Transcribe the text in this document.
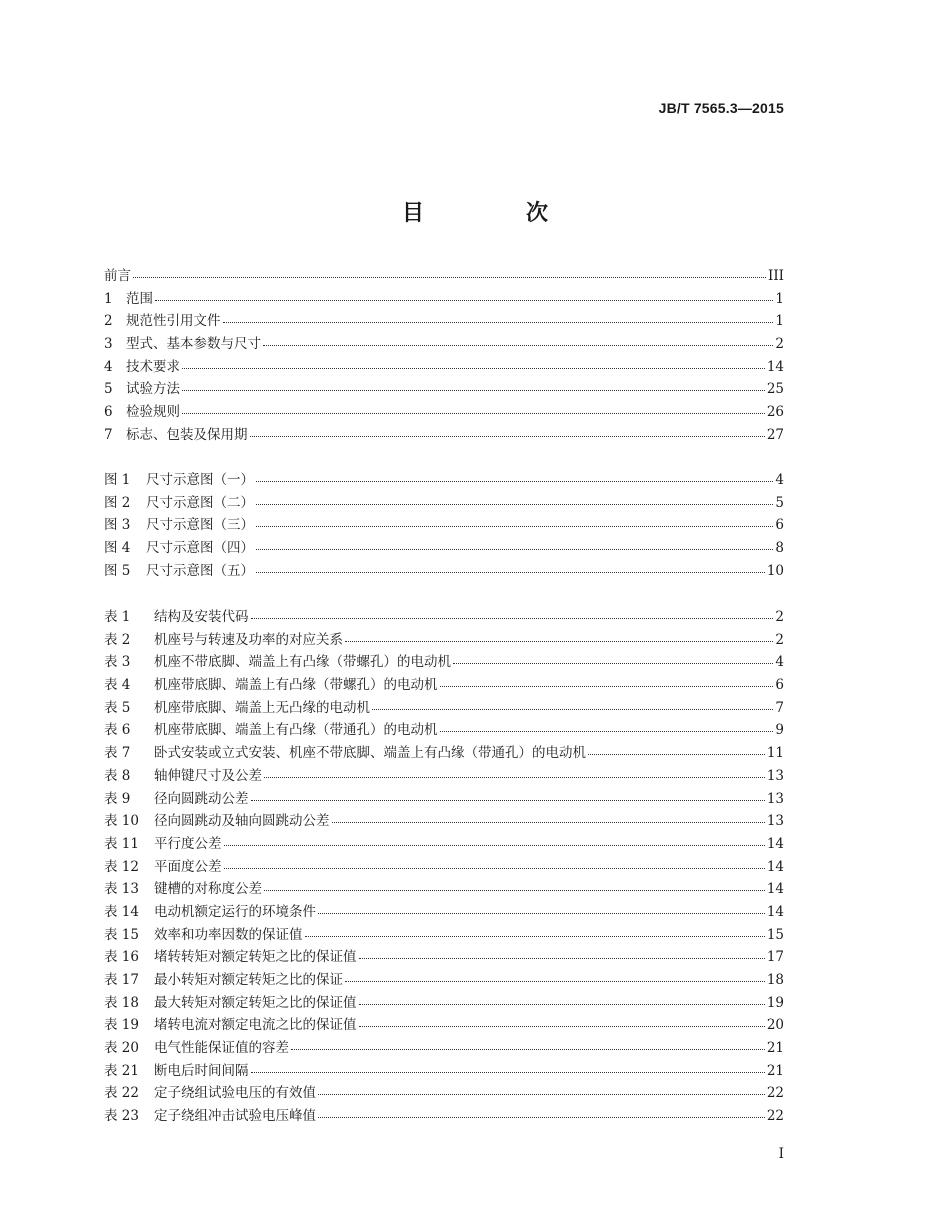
JB/T 7565.3—2015
目　次
前言	III
1 范围	1
2 规范性引用文件	1
3 型式、基本参数与尺寸	2
4 技术要求	14
5 试验方法	25
6 检验规则	26
7 标志、包装及保用期	27
图 1	尺寸示意图（一）	4
图 2	尺寸示意图（二）	5
图 3	尺寸示意图（三）	6
图 4	尺寸示意图（四）	8
图 5	尺寸示意图（五）	10
表 1	结构及安装代码	2
表 2	机座号与转速及功率的对应关系	2
表 3	机座不带底脚、端盖上有凸缘（带螺孔）的电动机	4
表 4	机座带底脚、端盖上有凸缘（带螺孔）的电动机	6
表 5	机座带底脚、端盖上无凸缘的电动机	7
表 6	机座带底脚、端盖上有凸缘（带通孔）的电动机	9
表 7	卧式安装或立式安装、机座不带底脚、端盖上有凸缘（带通孔）的电动机	11
表 8	轴伸键尺寸及公差	13
表 9	径向圆跳动公差	13
表 10	径向圆跳动及轴向圆跳动公差	13
表 11	平行度公差	14
表 12	平面度公差	14
表 13	键槽的对称度公差	14
表 14	电动机额定运行的环境条件	14
表 15	效率和功率因数的保证值	15
表 16	堵转转矩对额定转矩之比的保证值	17
表 17	最小转矩对额定转矩之比的保证	18
表 18	最大转矩对额定转矩之比的保证值	19
表 19	堵转电流对额定电流之比的保证值	20
表 20	电气性能保证值的容差	21
表 21	断电后时间间隔	21
表 22	定子绕组试验电压的有效值	22
表 23	定子绕组冲击试验电压峰值	22
I
